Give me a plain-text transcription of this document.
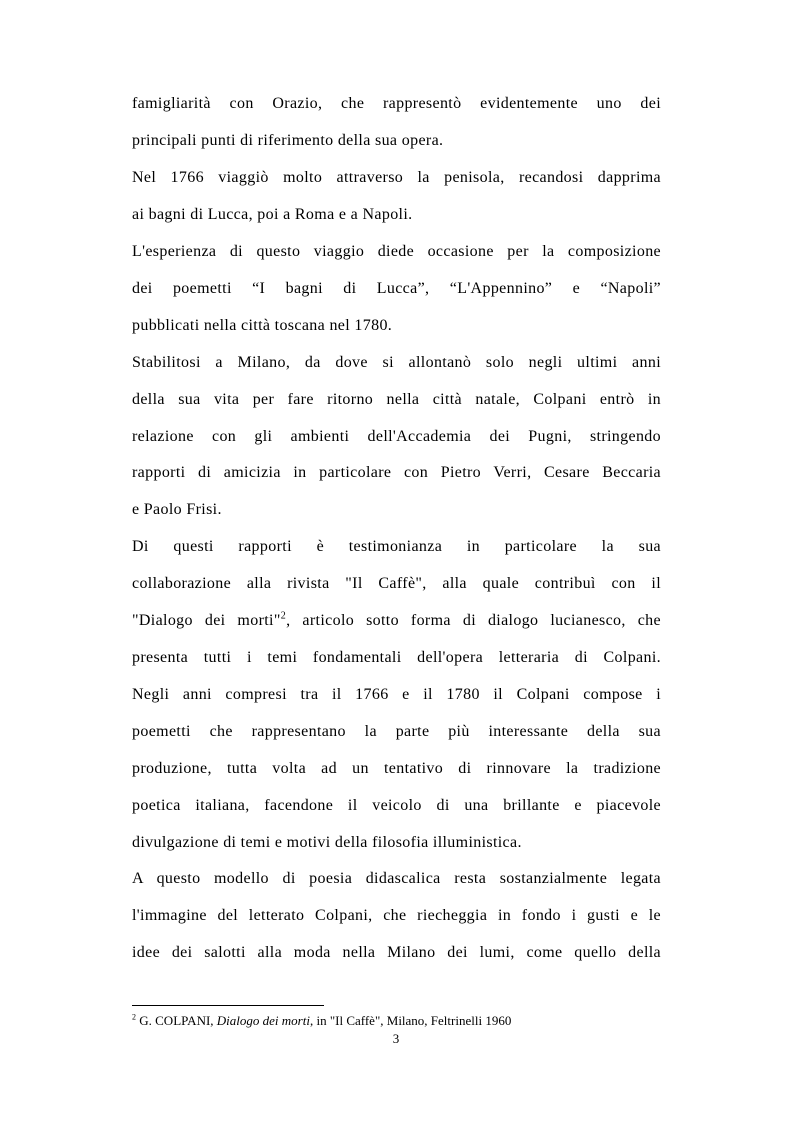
famigliarità con Orazio, che rappresentò evidentemente uno dei
principali punti di riferimento della sua opera.
Nel 1766 viaggiò molto attraverso la penisola, recandosi dapprima
ai bagni di Lucca, poi a Roma e a Napoli.
L'esperienza di questo viaggio diede occasione per la composizione
dei poemetti “I bagni di Lucca”, “L'Appennino” e “Napoli”
pubblicati nella città toscana nel 1780.
Stabilitosi a Milano, da dove si allontanò solo negli ultimi anni
della sua vita per fare ritorno nella città natale, Colpani entrò in
relazione con gli ambienti dell'Accademia dei Pugni, stringendo
rapporti di amicizia in particolare con Pietro Verri, Cesare Beccaria
e Paolo Frisi.
Di questi rapporti è testimonianza in particolare la sua
collaborazione alla rivista "Il Caffè", alla quale contribuì con il
"Dialogo dei morti"$^2$, articolo sotto forma di dialogo lucianesco, che
presenta tutti i temi fondamentali dell'opera letteraria di Colpani.
Negli anni compresi tra il 1766 e il 1780 il Colpani compose i
poemetti che rappresentano la parte più interessante della sua
produzione, tutta volta ad un tentativo di rinnovare la tradizione
poetica italiana, facendone il veicolo di una brillante e piacevole
divulgazione di temi e motivi della filosofia illuministica.
A questo modello di poesia didascalica resta sostanzialmente legata
l'immagine del letterato Colpani, che riecheggia in fondo i gusti e le
idee dei salotti alla moda nella Milano dei lumi, come quello della
$^2$ G. COLPANI, Dialogo dei morti, in "Il Caffè", Milano, Feltrinelli 1960
3
